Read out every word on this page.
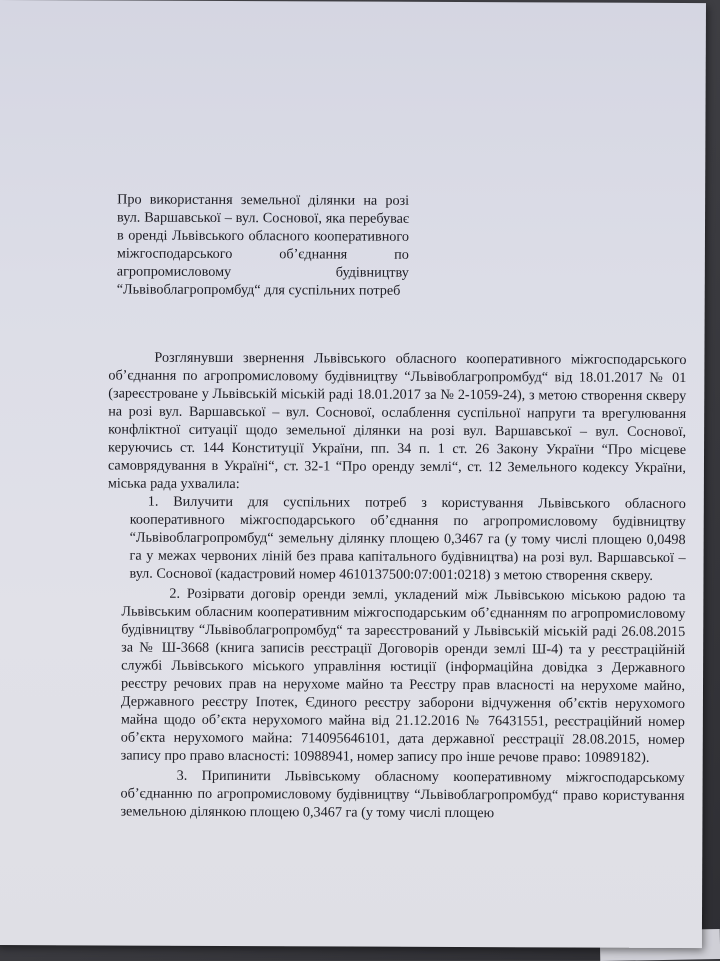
Про використання земельної ділянки на розі вул. Варшавської – вул. Соснової, яка перебуває в оренді Львівського обласного кооперативного міжгосподарського об’єднання по агропромисловому будівництву “Львівоблагропромбуд“ для суспільних потреб

Розглянувши звернення Львівського обласного кооперативного міжгосподарського об’єднання по агропромисловому будівництву “Львівоблагропромбуд“ від 18.01.2017 № 01 (зареєстроване у Львівській міській раді 18.01.2017 за № 2-1059-24), з метою створення скверу на розі вул. Варшавської – вул. Соснової, ослаблення суспільної напруги та врегулювання конфліктної ситуації щодо земельної ділянки на розі вул. Варшавської – вул. Соснової, керуючись ст. 144 Конституції України, пп. 34 п. 1 ст. 26 Закону України “Про місцеве самоврядування в Україні“, ст. 32-1 “Про оренду землі“, ст. 12 Земельного кодексу України, міська рада ухвалила:

1. Вилучити для суспільних потреб з користування Львівського обласного кооперативного міжгосподарського об’єднання по агропромисловому будівництву “Львівоблагропромбуд“ земельну ділянку площею 0,3467 га (у тому числі площею 0,0498 га у межах червоних ліній без права капітального будівництва) на розі вул. Варшавської – вул. Соснової (кадастровий номер 4610137500:07:001:0218) з метою створення скверу.

2. Розірвати договір оренди землі, укладений між Львівською міською радою та Львівським обласним кооперативним міжгосподарським об’єднанням по агропромисловому будівництву “Львівоблагропромбуд“ та зареєстрований у Львівській міській раді 26.08.2015 за № Ш-3668 (книга записів реєстрації Договорів оренди землі Ш-4) та у реєстраційній службі Львівського міського управління юстиції (інформаційна довідка з Державного реєстру речових прав на нерухоме майно та Реєстру прав власності на нерухоме майно, Державного реєстру Іпотек, Єдиного реєстру заборони відчуження об’єктів нерухомого майна щодо об’єкта нерухомого майна від 21.12.2016 № 76431551, реєстраційний номер об’єкта нерухомого майна: 714095646101, дата державної реєстрації 28.08.2015, номер запису про право власності: 10988941, номер запису про інше речове право: 10989182).

3. Припинити Львівському обласному кооперативному міжгосподарському об’єднанню по агропромисловому будівництву “Львівоблагропромбуд“ право користування земельною ділянкою площею 0,3467 га (у тому числі площею
